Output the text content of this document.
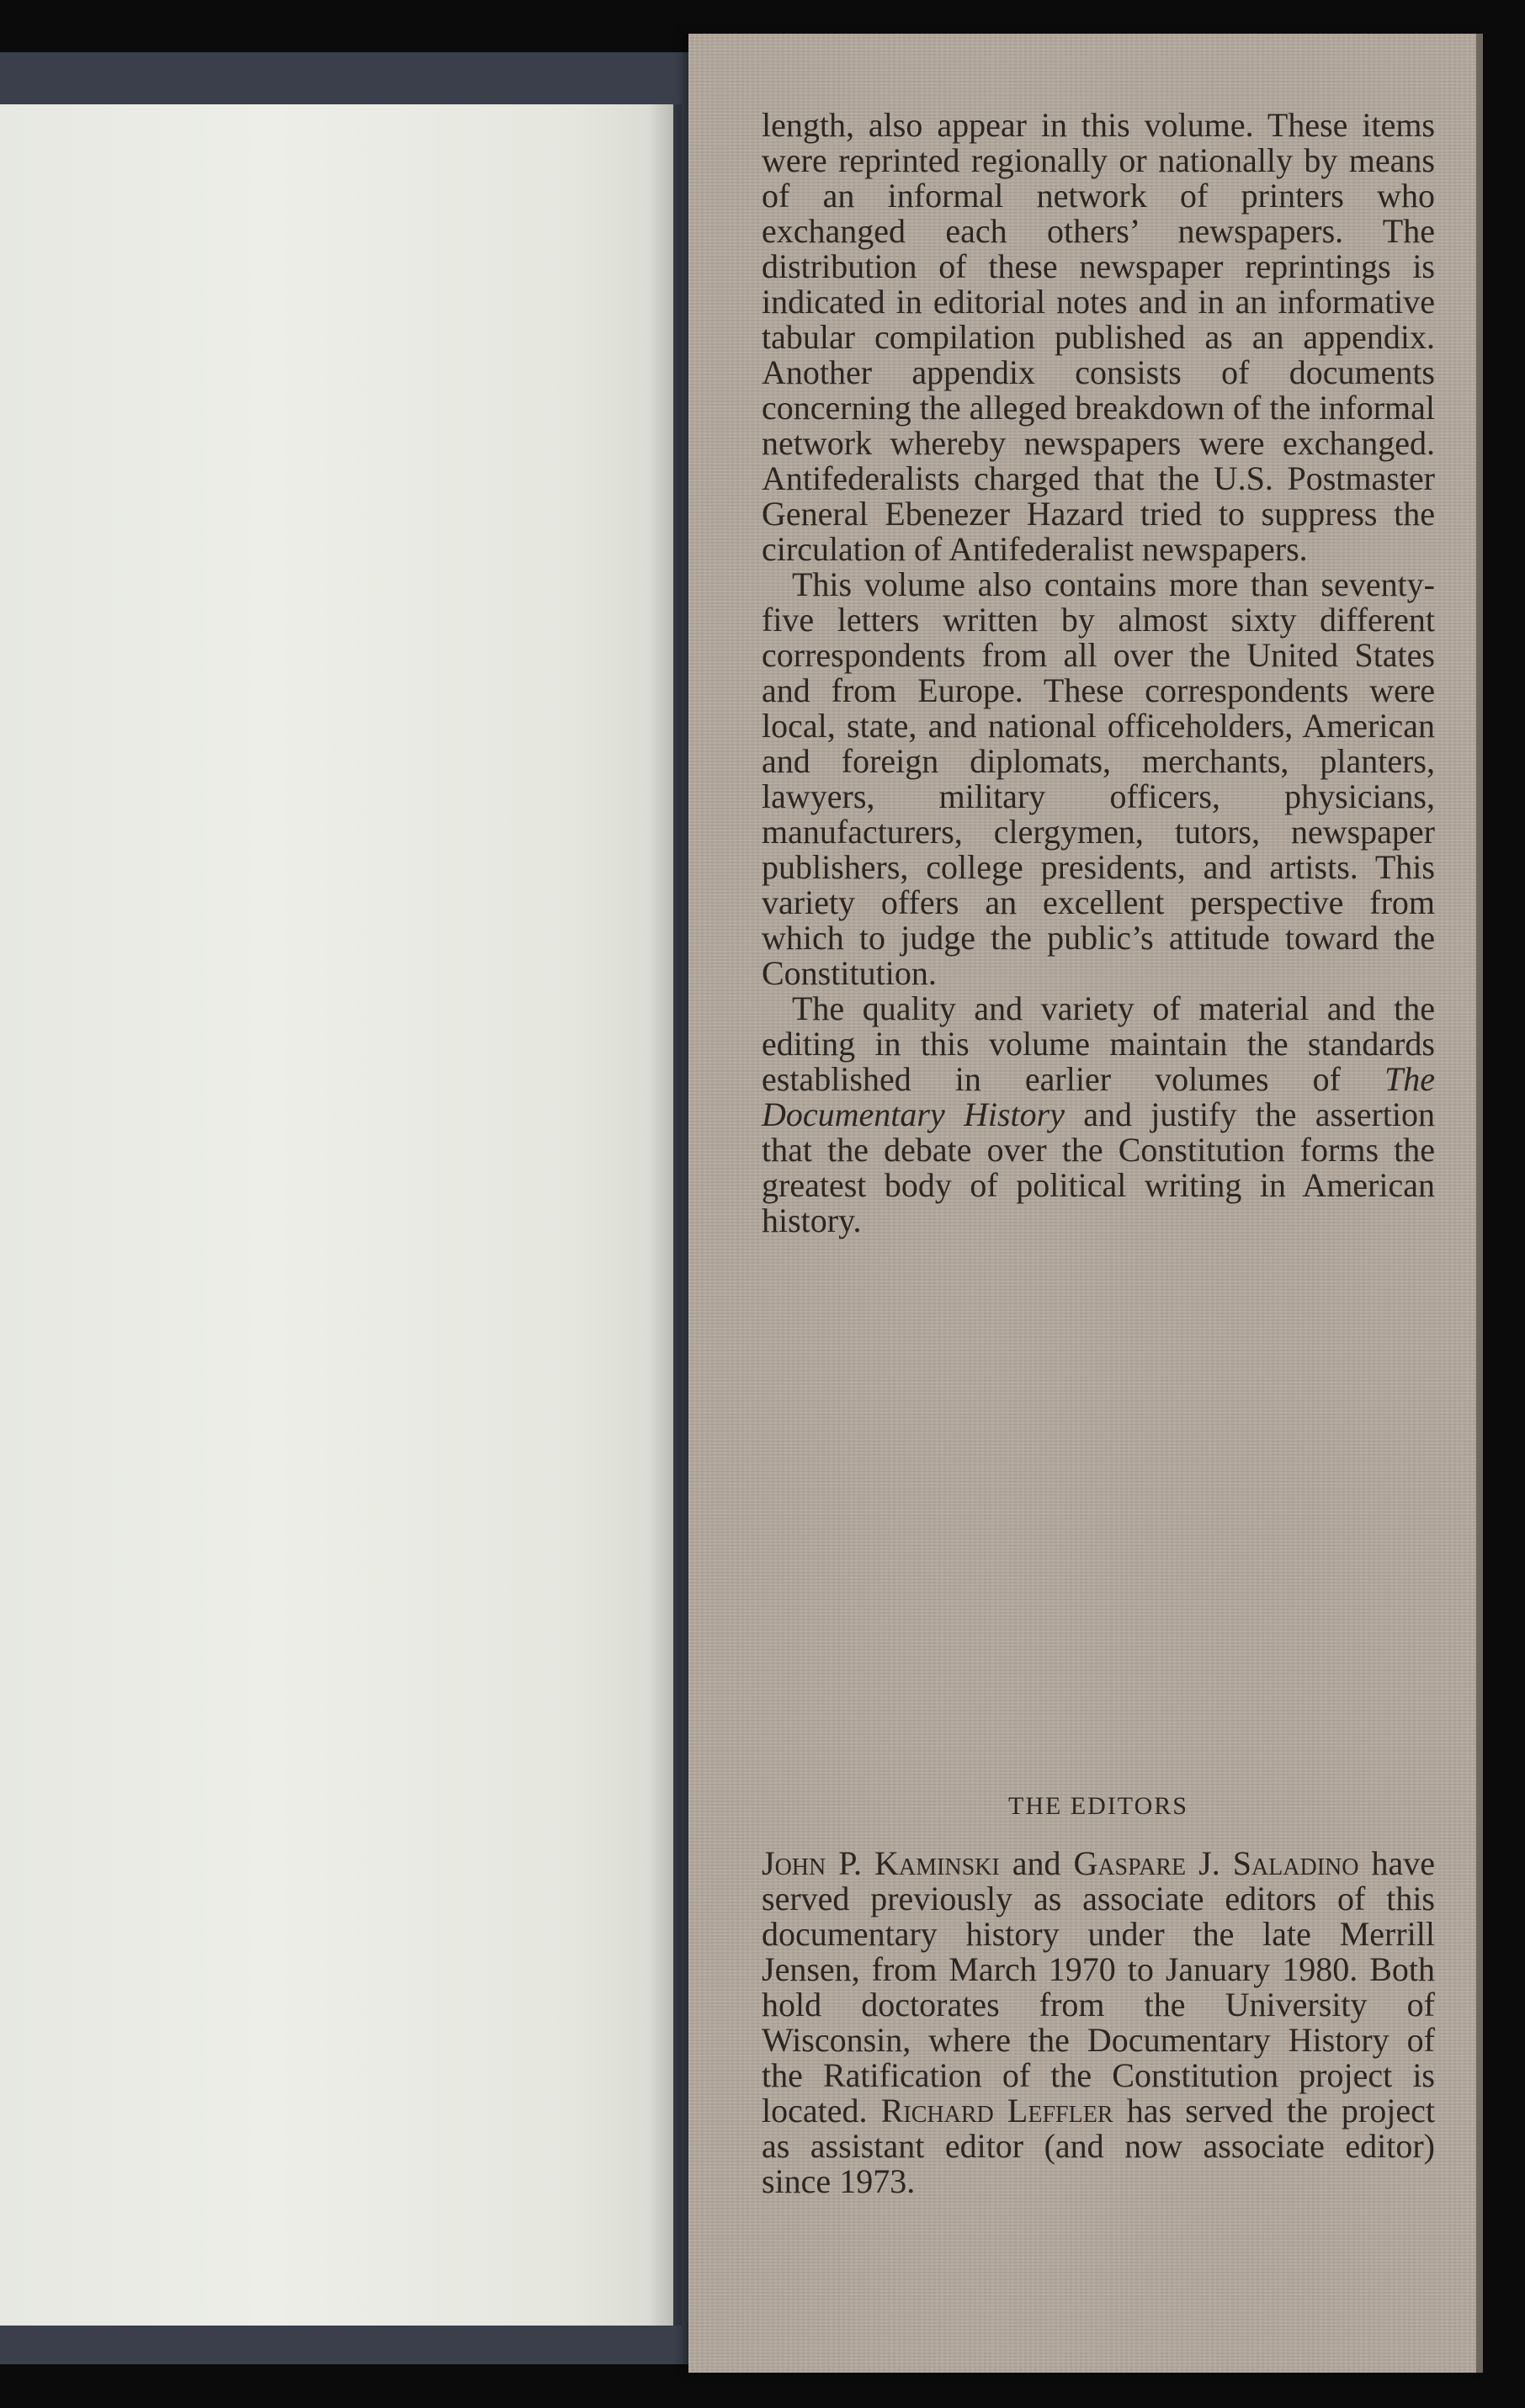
length, also appear in this volume. These items were reprinted regionally or nationally by means of an informal network of printers who exchanged each others’ newspapers. The distribution of these newspaper reprintings is indicated in editorial notes and in an informative tabular compilation published as an appendix. Another appendix consists of documents concerning the alleged breakdown of the informal network whereby newspapers were exchanged. Antifederalists charged that the U.S. Postmaster General Ebenezer Hazard tried to suppress the circulation of Antifederalist newspapers.

This volume also contains more than seventy-five letters written by almost sixty different correspondents from all over the United States and from Europe. These correspondents were local, state, and national officeholders, American and foreign diplomats, merchants, planters, lawyers, military officers, physicians, manufacturers, clergymen, tutors, newspaper publishers, college presidents, and artists. This variety offers an excellent perspective from which to judge the public’s attitude toward the Constitution.

The quality and variety of material and the editing in this volume maintain the standards established in earlier volumes of The Documentary History and justify the assertion that the debate over the Constitution forms the greatest body of political writing in American history.

THE EDITORS

John P. Kaminski and Gaspare J. Saladino have served previously as associate editors of this documentary history under the late Merrill Jensen, from March 1970 to January 1980. Both hold doctorates from the University of Wisconsin, where the Documentary History of the Ratification of the Constitution project is located. Richard Leffler has served the project as assistant editor (and now associate editor) since 1973.
